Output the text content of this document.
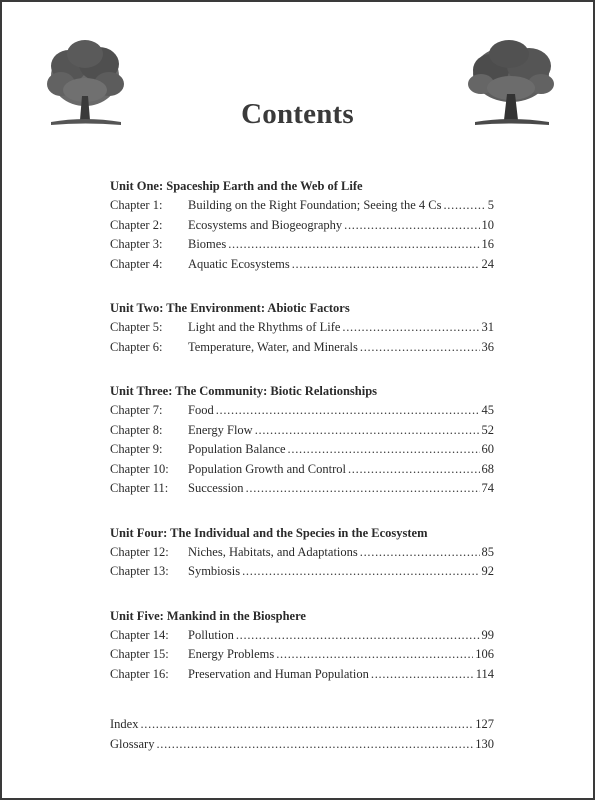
Contents
Unit One: Spaceship Earth and the Web of Life
Chapter 1:	Building on the Right Foundation; Seeing the 4 Cs .....	5
Chapter 2:	Ecosystems and Biogeography .....	10
Chapter 3:	Biomes .....	16
Chapter 4:	Aquatic Ecosystems .....	24
Unit Two: The Environment: Abiotic Factors
Chapter 5:	Light and the Rhythms of Life .....	31
Chapter 6:	Temperature, Water, and Minerals .....	36
Unit Three: The Community: Biotic Relationships
Chapter 7:	Food .....	45
Chapter 8:	Energy Flow .....	52
Chapter 9:	Population Balance .....	60
Chapter 10:	Population Growth and Control .....	68
Chapter 11:	Succession .....	74
Unit Four: The Individual and the Species in the Ecosystem
Chapter 12:	Niches, Habitats, and Adaptations .....	85
Chapter 13:	Symbiosis .....	92
Unit Five: Mankind in the Biosphere
Chapter 14:	Pollution .....	99
Chapter 15:	Energy Problems .....	106
Chapter 16:	Preservation and Human Population .....	114
Index .....	127
Glossary .....	130
